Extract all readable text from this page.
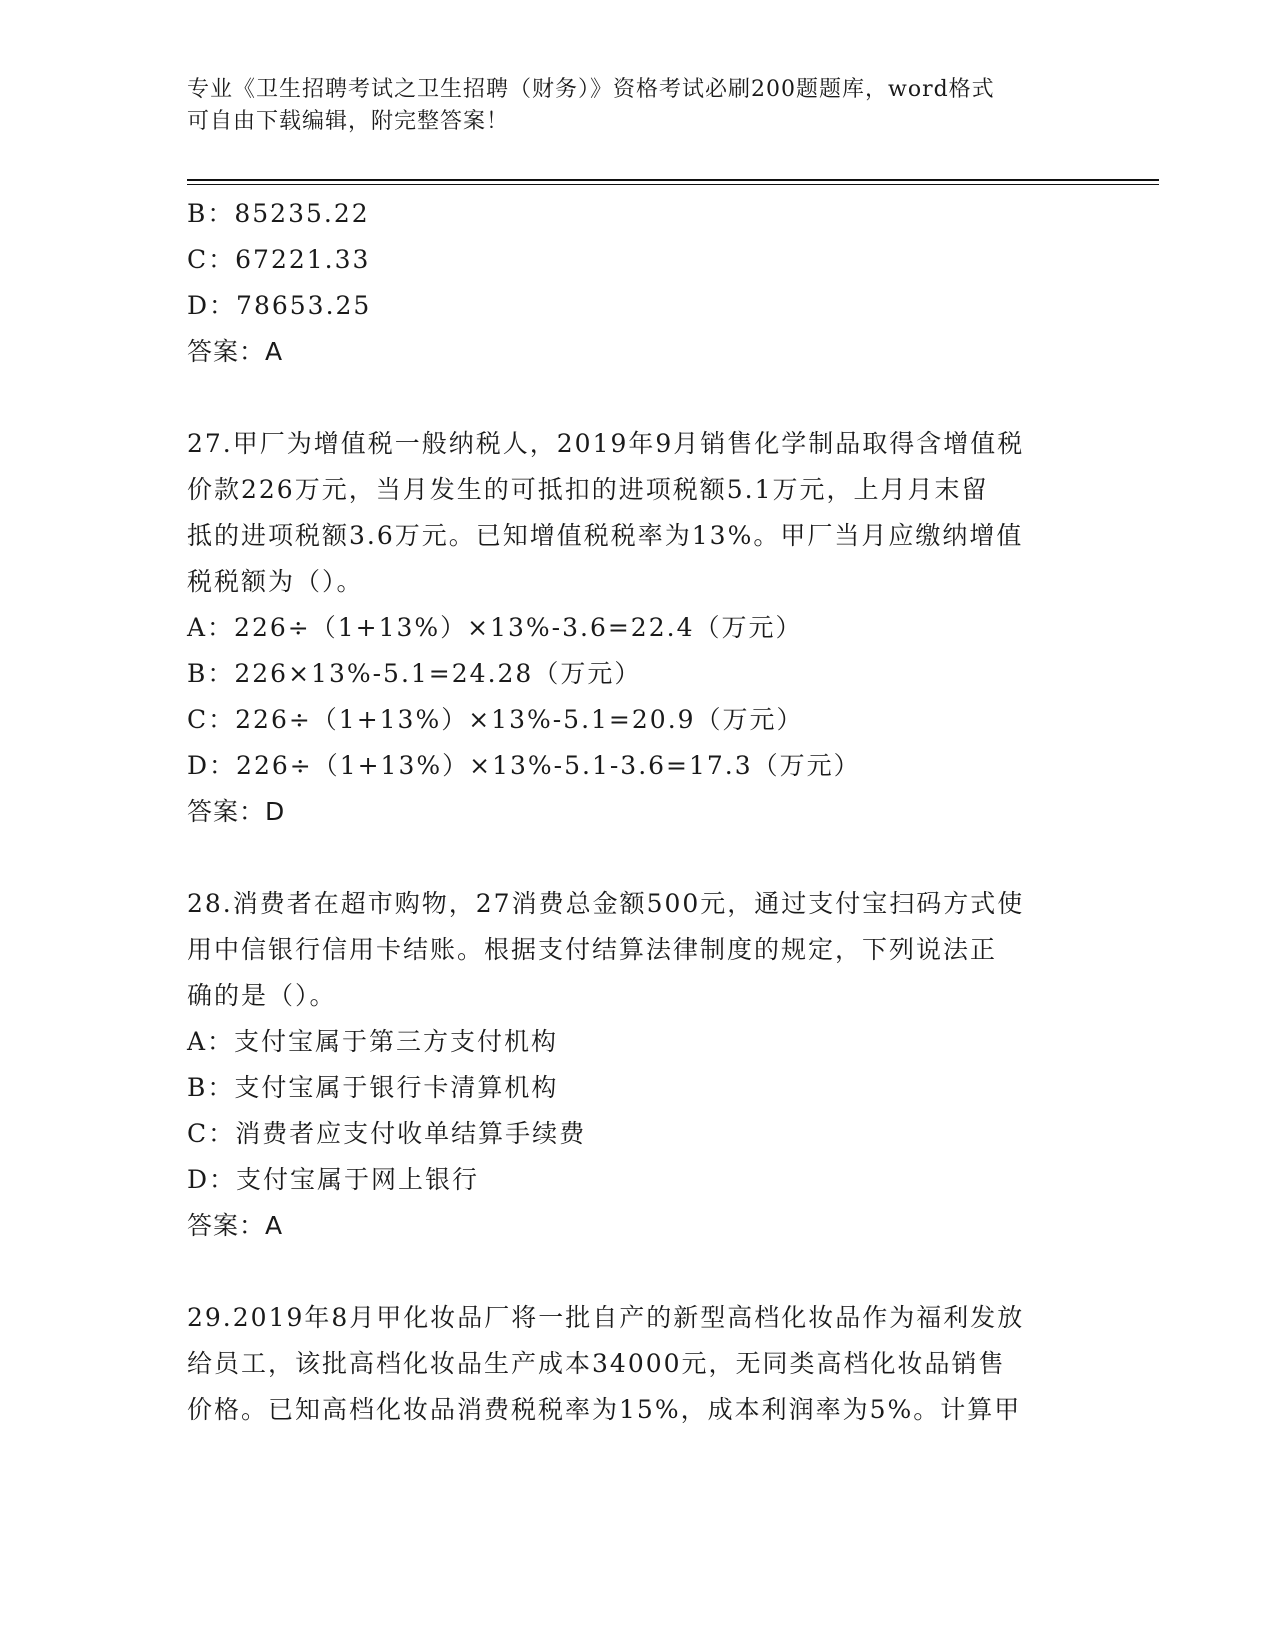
专业《卫生招聘考试之卫生招聘（财务）》资格考试必刷200题题库，word格式
可自由下载编辑，附完整答案！
B：85235.22
C：67221.33
D：78653.25
答案：A
27.甲厂为增值税一般纳税人，2019年9月销售化学制品取得含增值税
价款226万元，当月发生的可抵扣的进项税额5.1万元，上月月末留
抵的进项税额3.6万元。已知增值税税率为13%。甲厂当月应缴纳增值
税税额为（）。
A：226÷（1+13%）×13%-3.6=22.4（万元）
B：226×13%-5.1=24.28（万元）
C：226÷（1+13%）×13%-5.1=20.9（万元）
D：226÷（1+13%）×13%-5.1-3.6=17.3（万元）
答案：D
28.消费者在超市购物，27消费总金额500元，通过支付宝扫码方式使
用中信银行信用卡结账。根据支付结算法律制度的规定，下列说法正
确的是（）。
A：支付宝属于第三方支付机构
B：支付宝属于银行卡清算机构
C：消费者应支付收单结算手续费
D：支付宝属于网上银行
答案：A
29.2019年8月甲化妆品厂将一批自产的新型高档化妆品作为福利发放
给员工，该批高档化妆品生产成本34000元，无同类高档化妆品销售
价格。已知高档化妆品消费税税率为15%，成本利润率为5%。计算甲
